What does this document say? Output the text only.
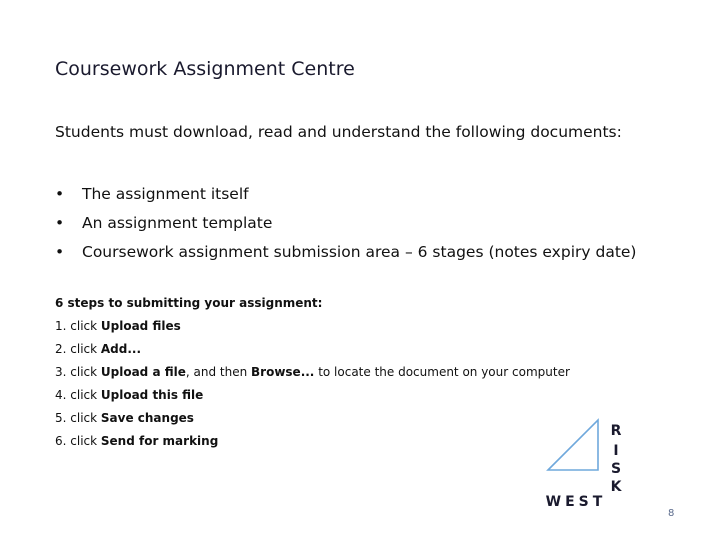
Coursework Assignment Centre
Students must download, read and understand the following documents:
•	The assignment itself
•	An assignment template
•	Coursework assignment submission area – 6 stages (notes expiry date)
6 steps to submitting your assignment:
1. click Upload files
2. click Add...
3. click Upload a file, and then Browse... to locate the document on your computer
4. click Upload this file
5. click Save changes
6. click Send for marking
R
I
S
K
WEST
8
